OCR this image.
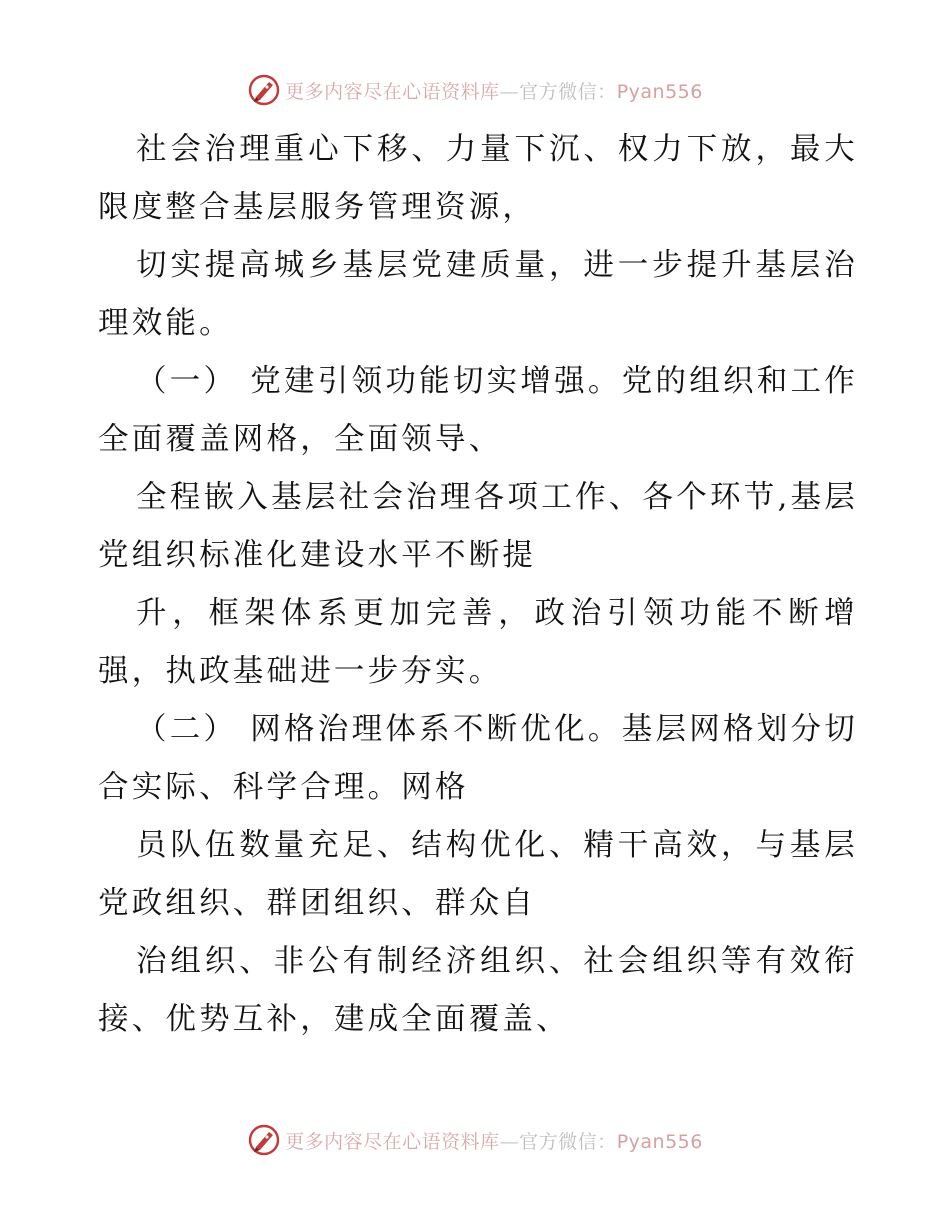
更多内容尽在心语资料库—官方微信：Pyan556

社会治理重心下移、力量下沉、权力下放，最大限度整合基层服务管理资源，

切实提高城乡基层党建质量，进一步提升基层治理效能。

（一） 党建引领功能切实增强。党的组织和工作全面覆盖网格，全面领导、

全程嵌入基层社会治理各项工作、各个环节,基层党组织标准化建设水平不断提

升，框架体系更加完善，政治引领功能不断增强，执政基础进一步夯实。

（二） 网格治理体系不断优化。基层网格划分切合实际、科学合理。网格

员队伍数量充足、结构优化、精干高效，与基层党政组织、群团组织、群众自

治组织、非公有制经济组织、社会组织等有效衔接、优势互补，建成全面覆盖、

更多内容尽在心语资料库—官方微信：Pyan556
